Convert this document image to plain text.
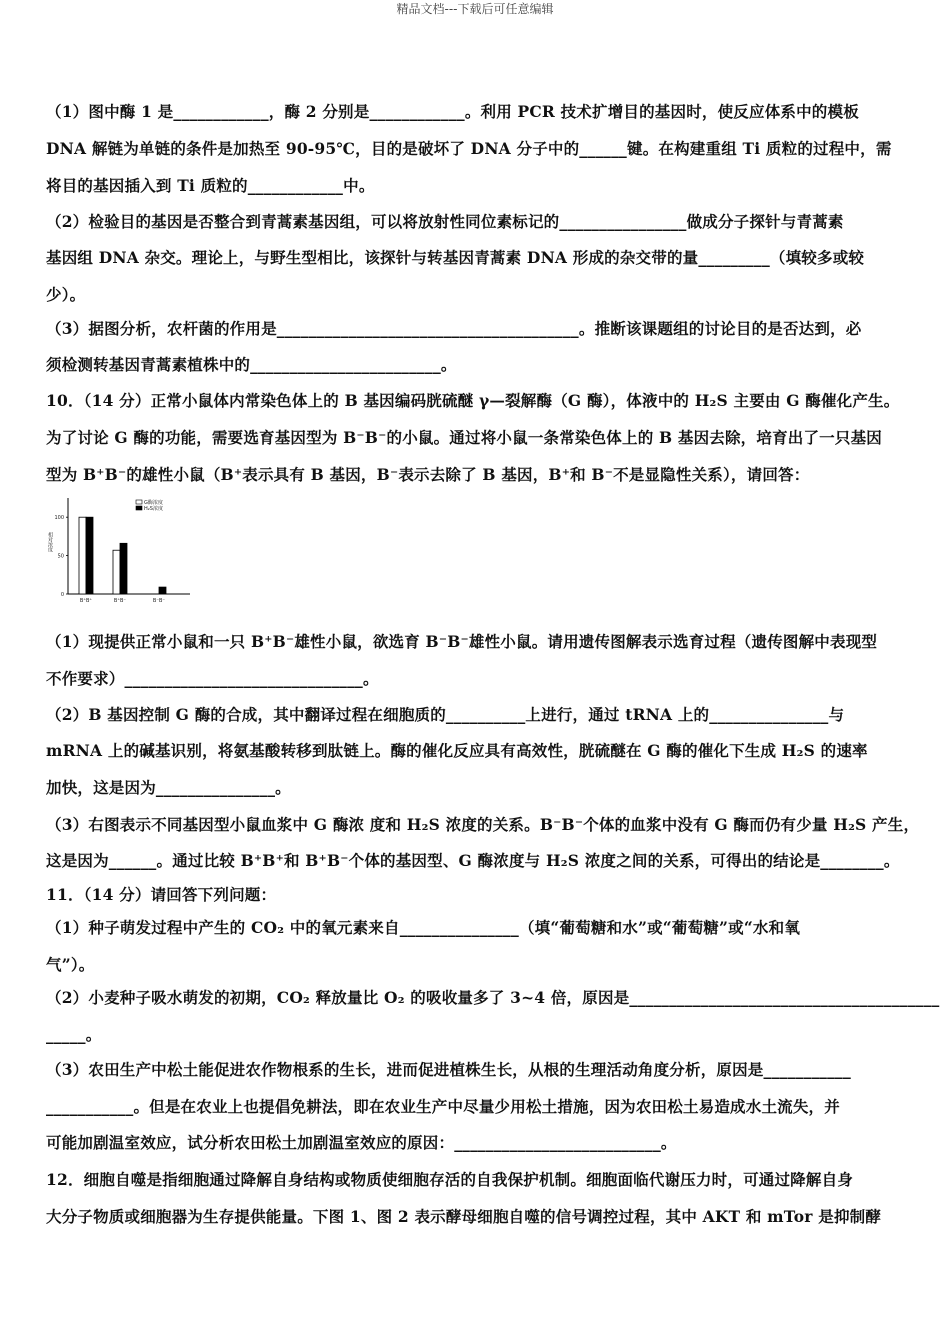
精品文档---下载后可任意编辑
（1）图中酶 1 是____________，酶 2 分别是____________。利用 PCR 技术扩增目的基因时，使反应体系中的模板
DNA 解链为单链的条件是加热至 90-95℃，目的是破坏了 DNA 分子中的______键。在构建重组 Ti 质粒的过程中，需
将目的基因插入到 Ti 质粒的____________中。
（2）检验目的基因是否整合到青蒿素基因组，可以将放射性同位素标记的________________做成分子探针与青蒿素
基因组 DNA 杂交。理论上，与野生型相比，该探针与转基因青蒿素 DNA 形成的杂交带的量_________（填较多或较
少）。
（3）据图分析，农杆菌的作用是______________________________________。推断该课题组的讨论目的是否达到，必
须检测转基因青蒿素植株中的________________________。
10．（14 分）正常小鼠体内常染色体上的 B 基因编码胱硫醚 γ—裂解酶（G 酶），体液中的 H₂S 主要由 G 酶催化产生。
为了讨论 G 酶的功能，需要选育基因型为 B⁻B⁻的小鼠。通过将小鼠一条常染色体上的 B 基因去除，培育出了一只基因
型为 B⁺B⁻的雄性小鼠（B⁺表示具有 B 基因，B⁻表示去除了 B 基因，B⁺和 B⁻不是显隐性关系），请回答：
（1）现提供正常小鼠和一只 B⁺B⁻雄性小鼠，欲选育 B⁻B⁻雄性小鼠。请用遗传图解表示选育过程（遗传图解中表现型
不作要求）______________________________。
（2）B 基因控制 G 酶的合成，其中翻译过程在细胞质的__________上进行，通过 tRNA 上的_______________与
mRNA 上的碱基识别，将氨基酸转移到肽链上。酶的催化反应具有高效性，胱硫醚在 G 酶的催化下生成 H₂S 的速率
加快，这是因为_______________。
（3）右图表示不同基因型小鼠血浆中 G 酶浓 度和 H₂S 浓度的关系。B⁻B⁻个体的血浆中没有 G 酶而仍有少量 H₂S 产生，
这是因为______。通过比较 B⁺B⁺和 B⁺B⁻个体的基因型、G 酶浓度与 H₂S 浓度之间的关系，可得出的结论是________。
11．（14 分）请回答下列问题：
（1）种子萌发过程中产生的 CO₂ 中的氧元素来自_______________（填“葡萄糖和水”或“葡萄糖”或“水和氧
气”）。
（2）小麦种子吸水萌发的初期，CO₂ 释放量比 O₂ 的吸收量多了 3~4 倍，原因是_______________________________________
_____。
（3）农田生产中松土能促进农作物根系的生长，进而促进植株生长，从根的生理活动角度分析，原因是___________
___________。但是在农业上也提倡免耕法，即在农业生产中尽量少用松土措施，因为农田松土易造成水土流失，并
可能加剧温室效应，试分析农田松土加剧温室效应的原因：__________________________。
12．细胞自噬是指细胞通过降解自身结构或物质使细胞存活的自我保护机制。细胞面临代谢压力时，可通过降解自身
大分子物质或细胞器为生存提供能量。下图 1、图 2 表示酵母细胞自噬的信号调控过程，其中 AKT 和 mTor 是抑制酵
0
50
100
相对浓度
B⁺B⁺	B⁺B⁻	B⁻B⁻
G酶浓度
H₂S浓度
